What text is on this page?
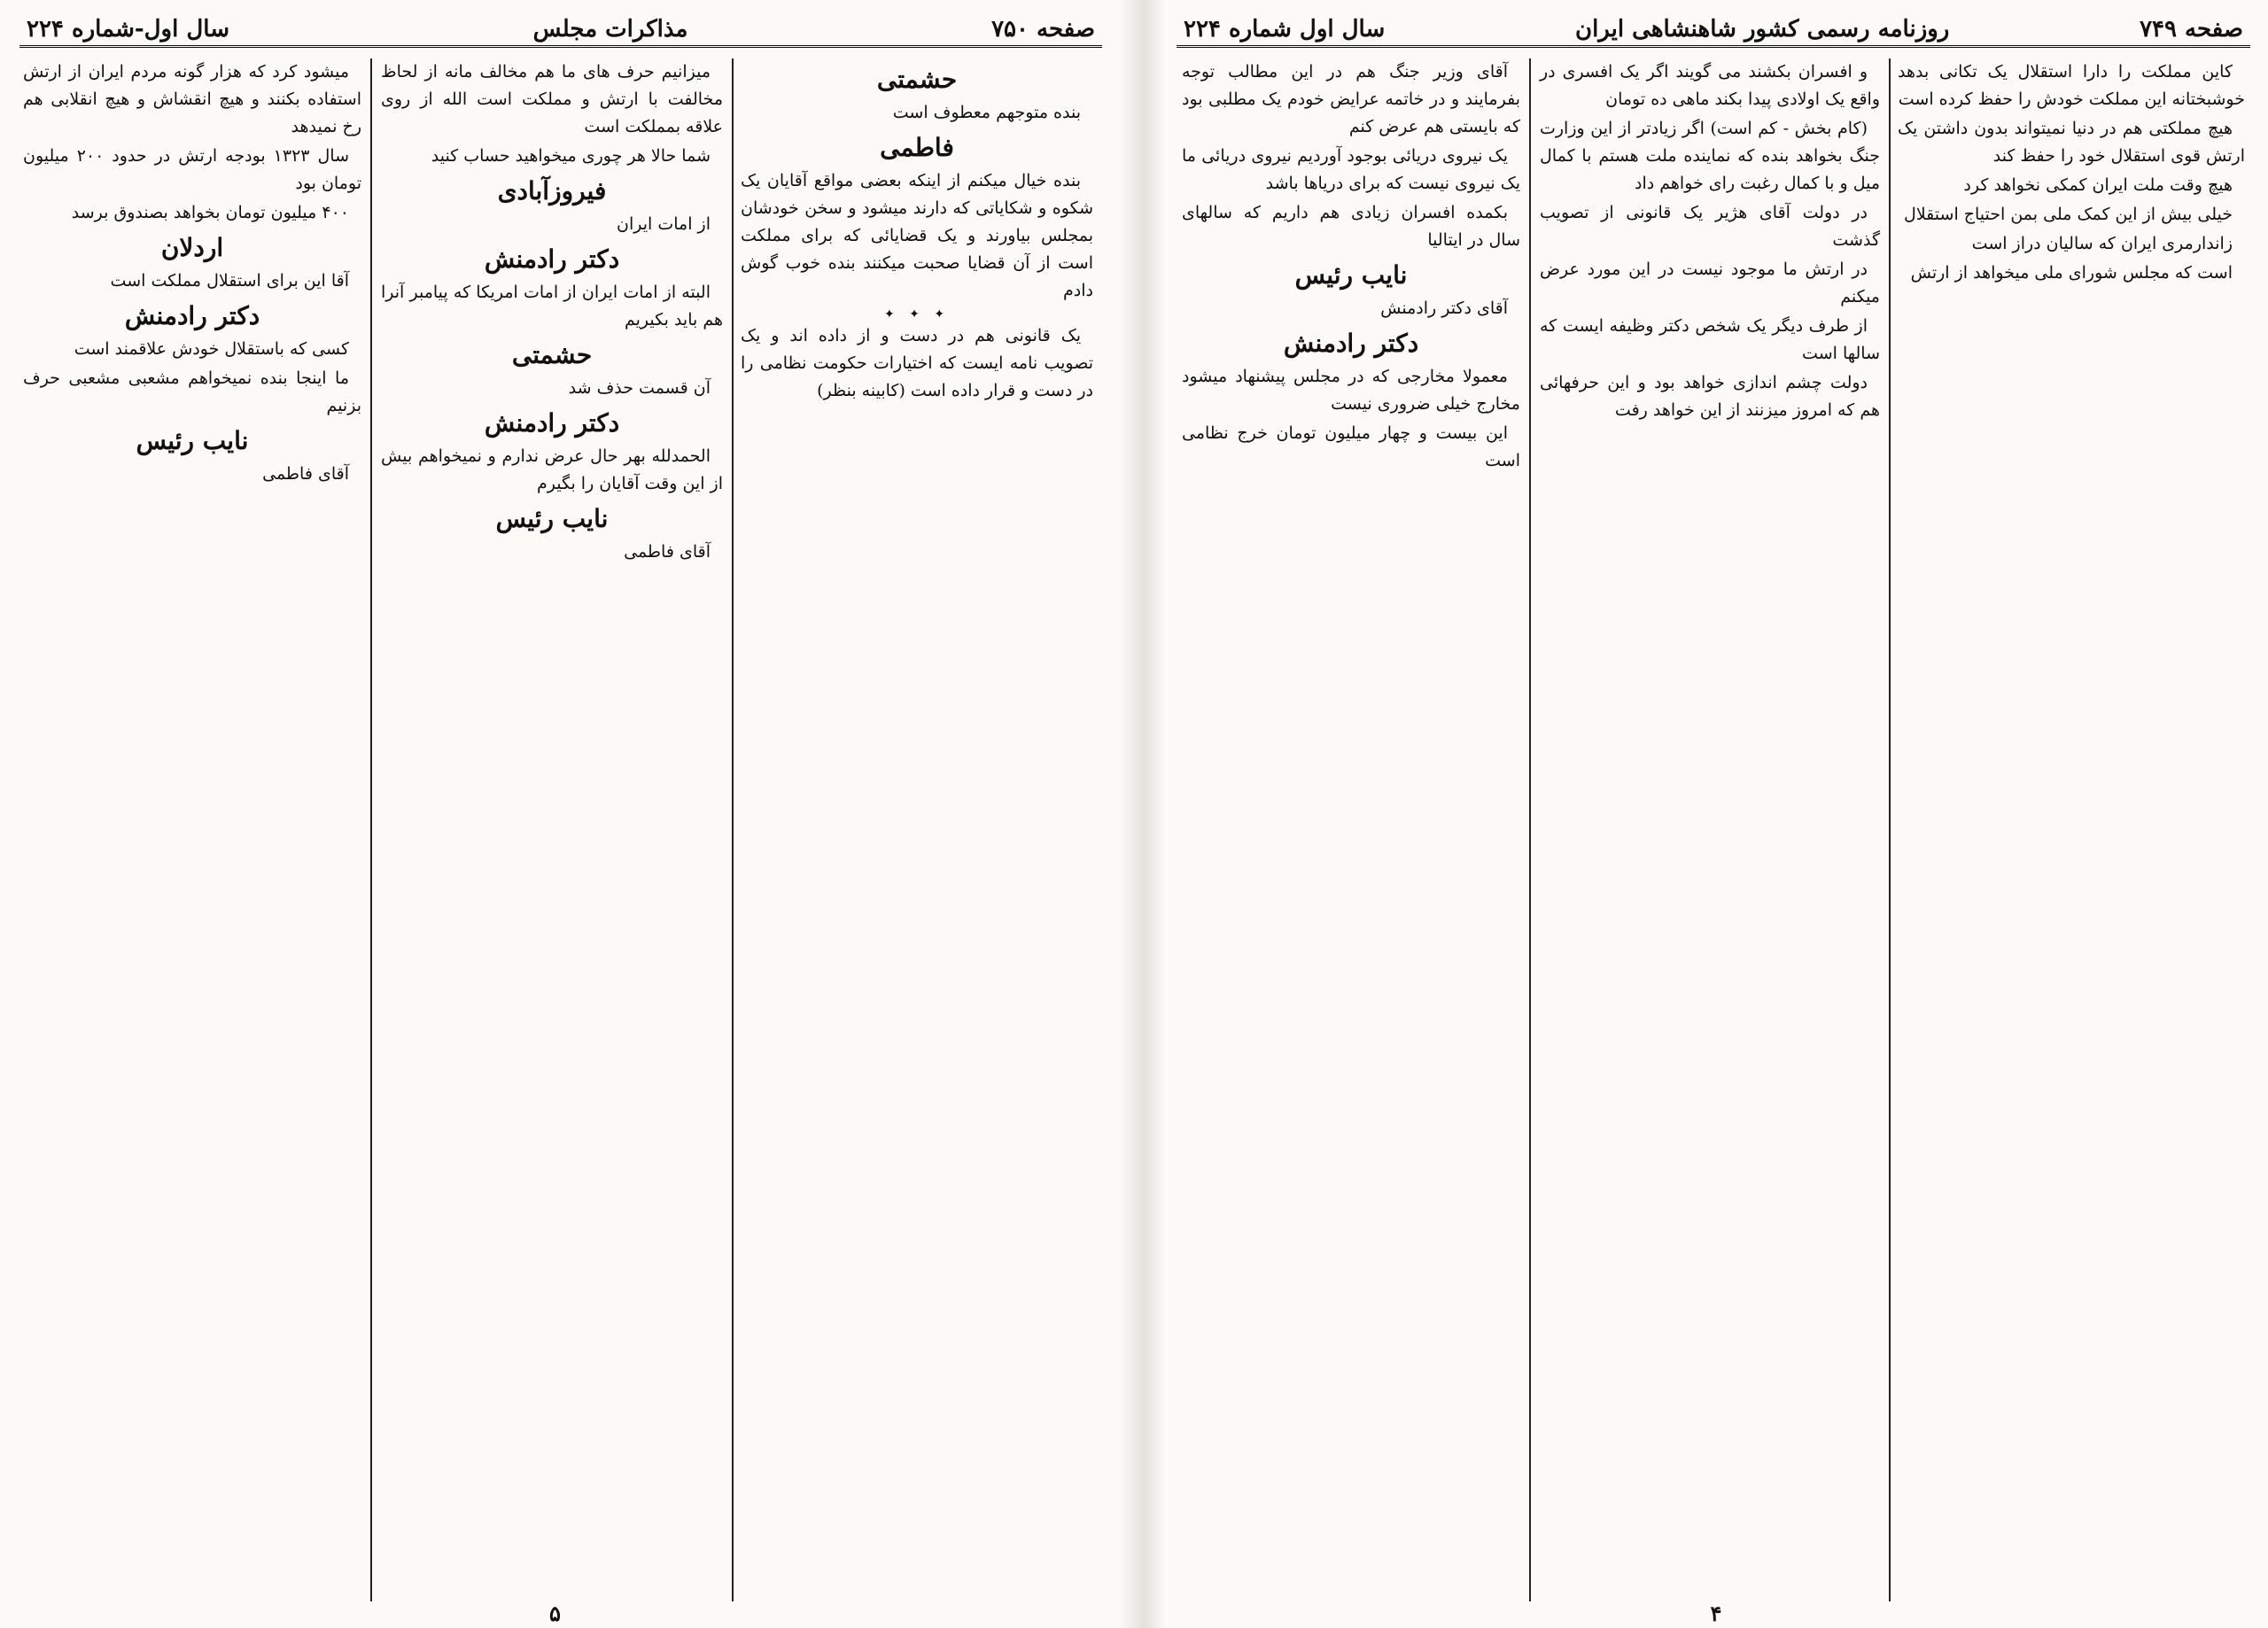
صفحه ۷۵۰
مذاکرات مجلس
سال اول-شماره ۲۲۴
حشمتی

بنده متوجهم معطوف است

فاطمی

بنده خیال میکنم از اینکه بعضی مواقع آقایان یک شکوه و شکایاتی که دارند میشود و سخن خودشان بمجلس بیاورند و یک قضایائی که برای مملکت است از آن قضایا صحبت میکنند بنده خوب گوش دادم

✦ ✦ ✦

یک قانونی هم در دست و از داده اند و یک تصویب نامه ایست که اختیارات حکومت نظامی را در دست و قرار داده است (کابینه بنظر)

میزانیم حرف های ما هم مخالف مانه از لحاظ مخالفت با ارتش و مملکت است الله از روی علاقه بمملکت است

شما حالا هر چوری میخواهید حساب کنید

فیروزآبادی

از امات ایران

دکتر رادمنش

البته از امات ایران از امات امریکا که پیامبر آنرا هم باید بکیریم

حشمتی

آن قسمت حذف شد

دکتر رادمنش

الحمدلله بهر حال عرض ندارم و نمیخواهم بیش از این وقت آقایان را بگیرم

نایب رئیس

آقای فاطمی

میشود کرد که هزار گونه مردم ایران از ارتش استفاده بکنند و هیچ انقشاش و هیچ انقلابی هم رخ نمیدهد

سال ۱۳۲۳ بودجه ارتش در حدود ۲۰۰ میلیون تومان بود

۴۰۰ میلیون تومان بخواهد بصندوق برسد

اردلان

آقا این برای استقلال مملکت است

دکتر رادمنش

کسی که باستقلال خودش علاقمند است

ما اینجا بنده نمیخواهم مشعبی مشعبی حرف بزنیم

نایب رئیس

آقای فاطمی

۵
صفحه ۷۴۹
روزنامه رسمی کشور شاهنشاهی ایران
سال اول شماره ۲۲۴

کاین مملکت را دارا استقلال یک تکانی بدهد خوشبختانه این مملکت خودش را حفظ کرده است

هیچ مملکتی هم در دنیا نمیتواند بدون داشتن یک ارتش قوی استقلال خود را حفظ کند

هیچ وقت ملت ایران کمکی نخواهد کرد

خیلی بیش از این کمک ملی بمن احتیاج استقلال

زاندارمری ایران که سالیان دراز است

است که مجلس شورای ملی میخواهد از ارتش

و افسران بکشند می گویند اگر یک افسری در واقع یک اولادی پیدا بکند ماهی ده تومان

(کام بخش - کم است) اگر زیادتر از این وزارت جنگ بخواهد بنده که نماینده ملت هستم با کمال میل و با کمال رغبت رای خواهم داد

در دولت آقای هژیر یک قانونی از تصویب گذشت

در ارتش ما موجود نیست در این مورد عرض میکنم

از طرف دیگر یک شخص دکتر وظیفه ایست که سالها است

دولت چشم اندازی خواهد بود و این حرفهائی هم که امروز میزنند از این خواهد رفت

آقای وزیر جنگ هم در این مطالب توجه بفرمایند و در خاتمه عرایض خودم یک مطلبی بود که بایستی هم عرض کنم

یک نیروی دریائی بوجود آوردیم نیروی دریائی ما یک نیروی نیست که برای دریاها باشد

بکمده افسران زیادی هم داریم که سالهای سال در ایتالیا

نایب رئیس

آقای دکتر رادمنش

دکتر رادمنش

معمولا مخارجی که در مجلس پیشنهاد میشود مخارج خیلی ضروری نیست

این بیست و چهار میلیون تومان خرج نظامی است

۴
